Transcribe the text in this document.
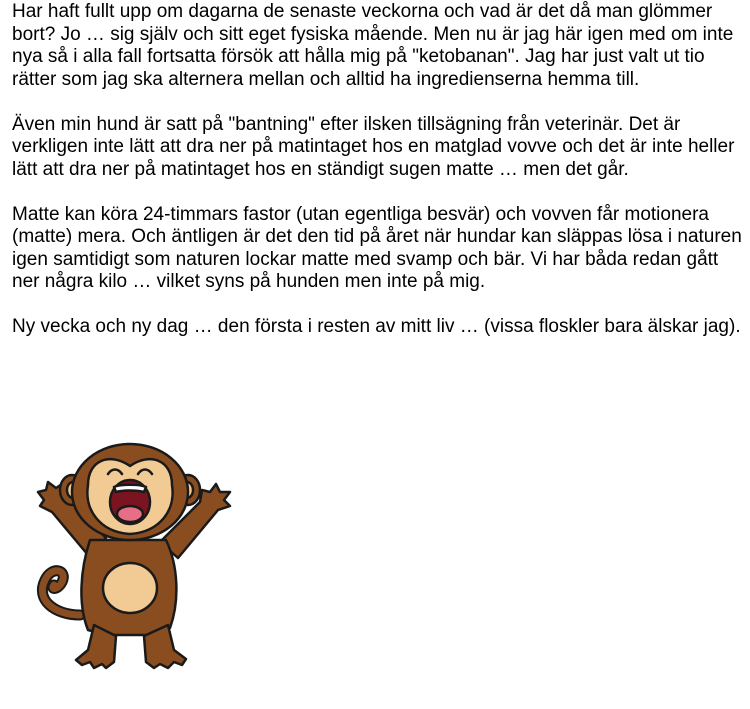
Har haft fullt upp om dagarna de senaste veckorna och vad är det då man glömmer bort? Jo … sig själv och sitt eget fysiska mående. Men nu är jag här igen med om inte nya så i alla fall fortsatta försök att hålla mig på "ketobanan". Jag har just valt ut tio rätter som jag ska alternera mellan och alltid ha ingredienserna hemma till.

Även min hund är satt på "bantning" efter ilsken tillsägning från veterinär. Det är verkligen inte lätt att dra ner på matintaget hos en matglad vovve och det är inte heller lätt att dra ner på matintaget hos en ständigt sugen matte … men det går.

Matte kan köra 24-timmars fastor (utan egentliga besvär) och vovven får motionera (matte) mera. Och äntligen är det den tid på året när hundar kan släppas lösa i naturen igen samtidigt som naturen lockar matte med svamp och bär. Vi har båda redan gått ner några kilo … vilket syns på hunden men inte på mig.

Ny vecka och ny dag … den första i resten av mitt liv … (vissa floskler bara älskar jag).
